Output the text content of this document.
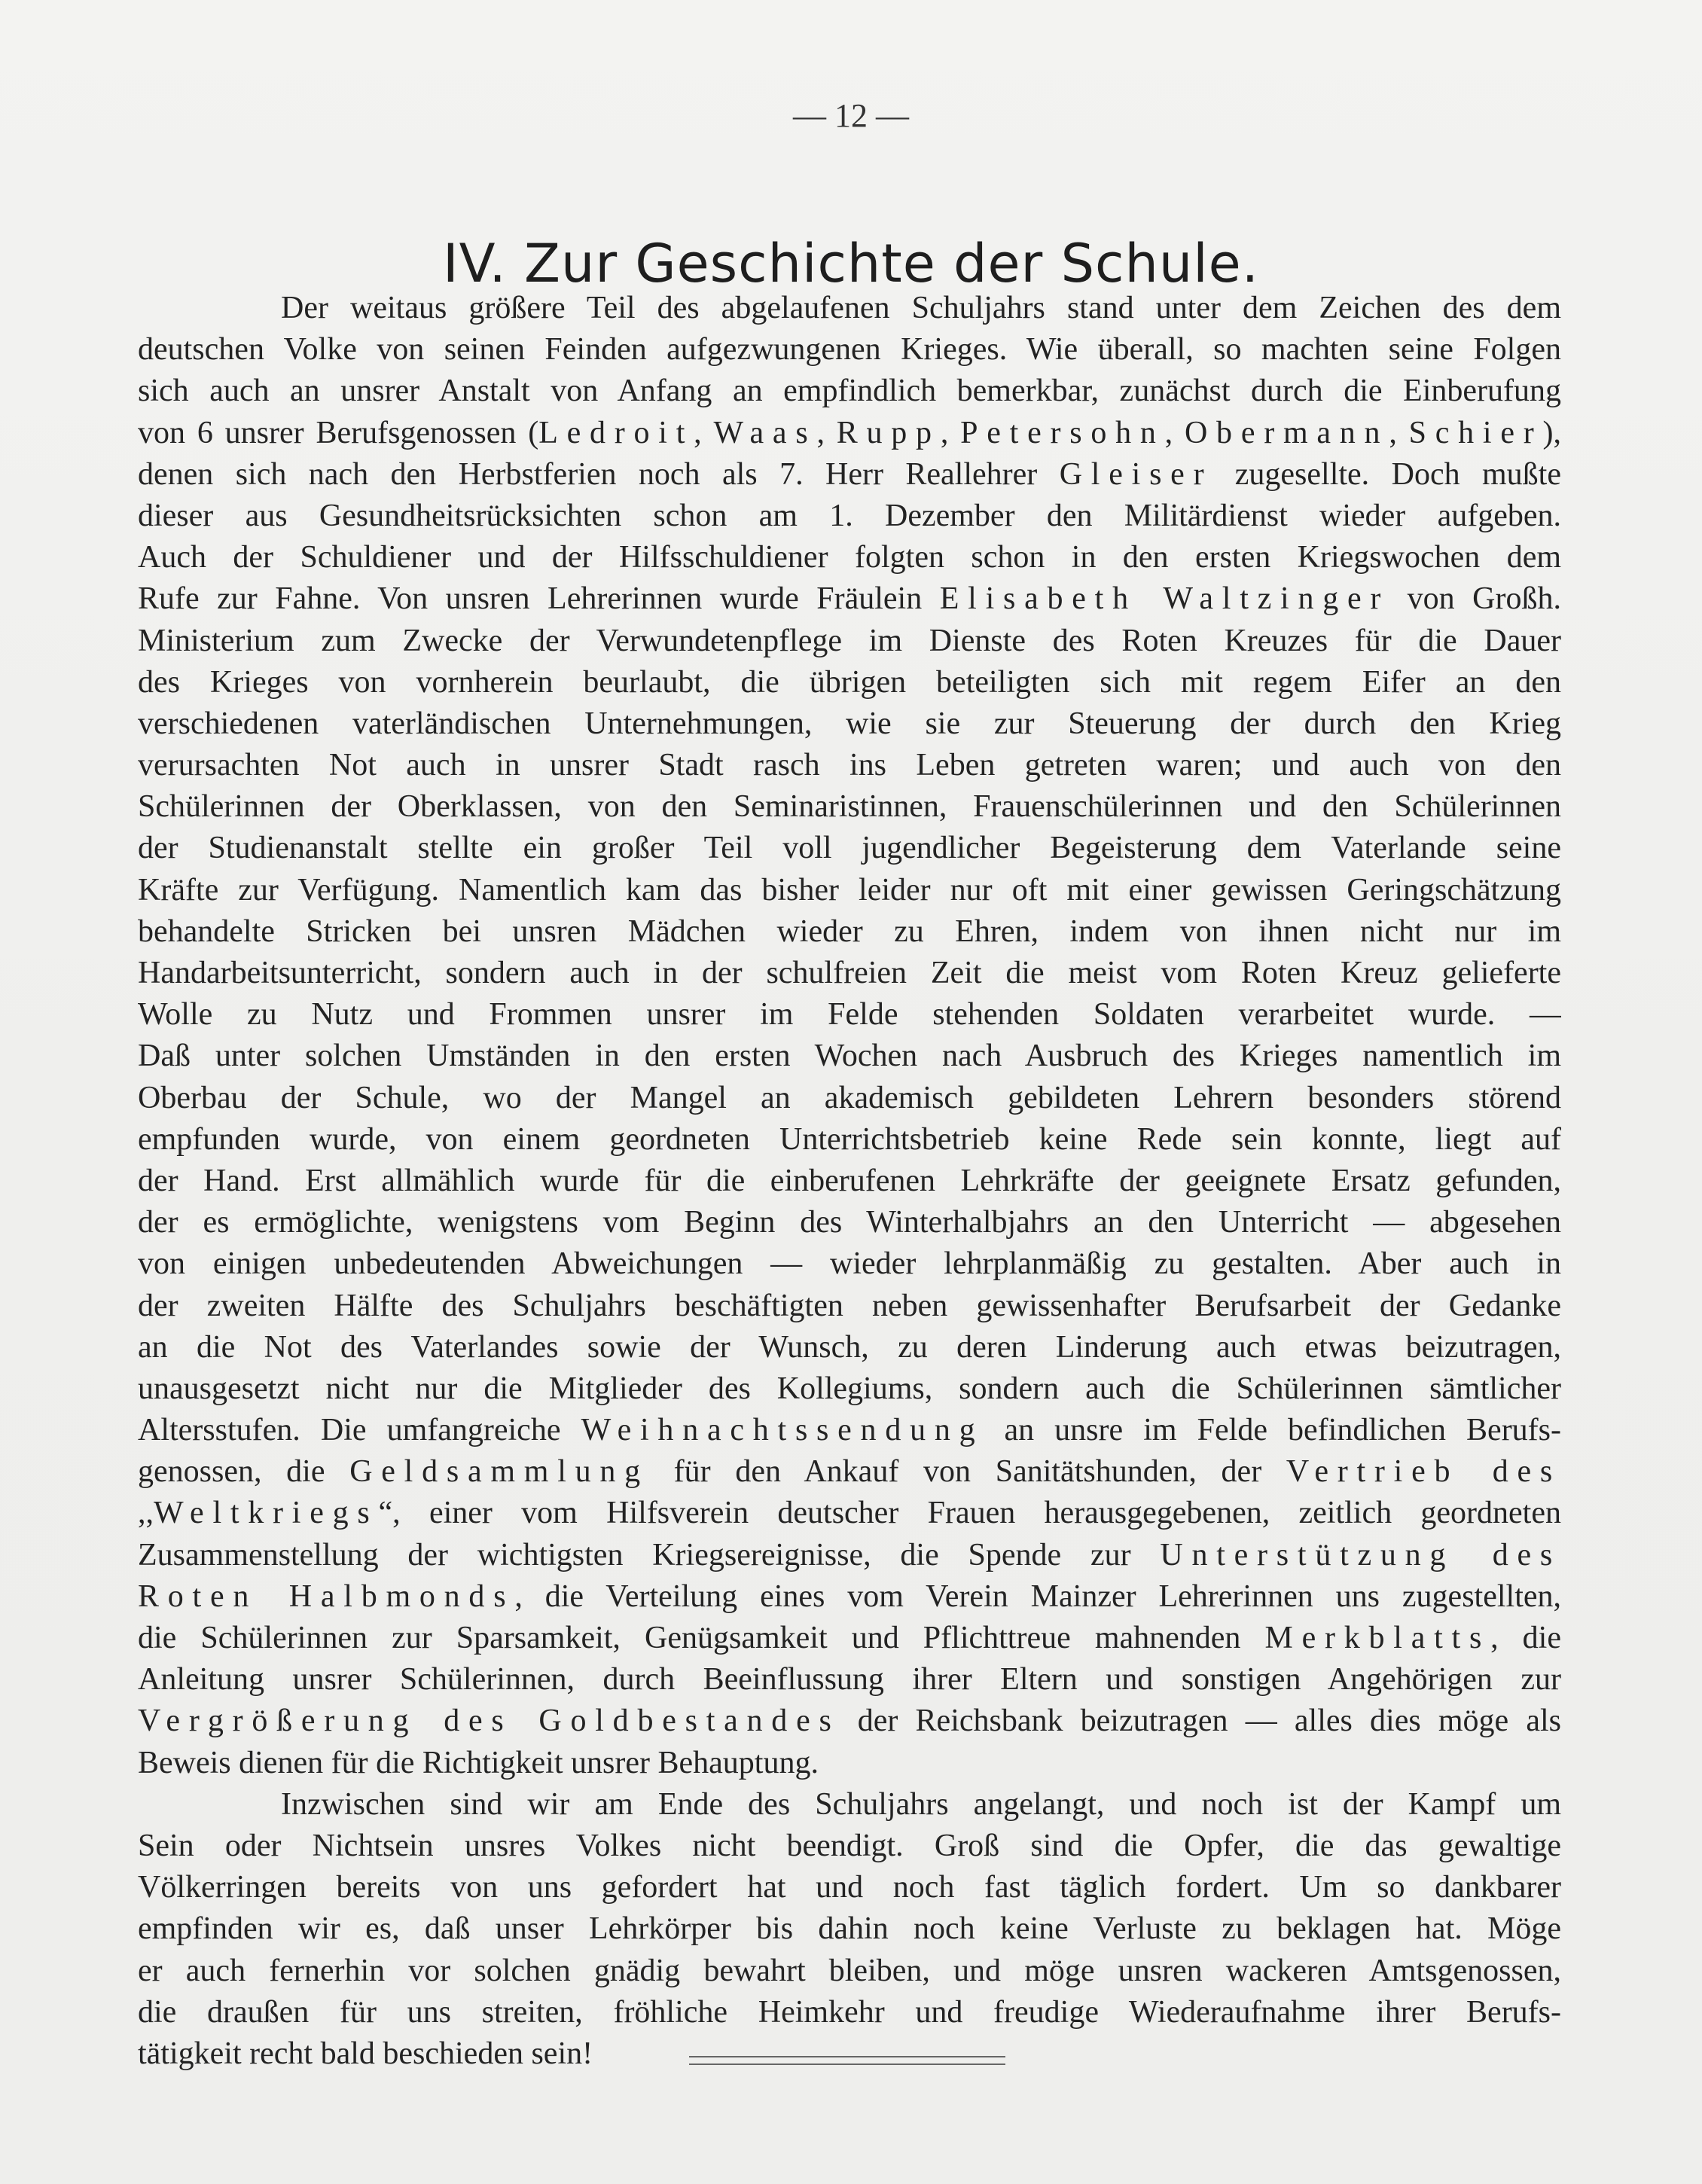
— 12 —
IV. Zur Geschichte der Schule.
Der weitaus größere Teil des abgelaufenen Schuljahrs stand unter dem Zeichen des dem
deutschen Volke von seinen Feinden aufgezwungenen Krieges. Wie überall, so machten seine Folgen
sich auch an unsrer Anstalt von Anfang an empfindlich bemerkbar, zunächst durch die Einberufung
von 6 unsrer Berufsgenossen (Ledroit, Waas, Rupp, Petersohn, Obermann, Schier),
denen sich nach den Herbstferien noch als 7. Herr Reallehrer Gleiser zugesellte. Doch mußte
dieser aus Gesundheitsrücksichten schon am 1. Dezember den Militärdienst wieder aufgeben.
Auch der Schuldiener und der Hilfsschuldiener folgten schon in den ersten Kriegswochen dem
Rufe zur Fahne. Von unsren Lehrerinnen wurde Fräulein Elisabeth Waltzinger von Großh.
Ministerium zum Zwecke der Verwundetenpflege im Dienste des Roten Kreuzes für die Dauer
des Krieges von vornherein beurlaubt, die übrigen beteiligten sich mit regem Eifer an den
verschiedenen vaterländischen Unternehmungen, wie sie zur Steuerung der durch den Krieg
verursachten Not auch in unsrer Stadt rasch ins Leben getreten waren; und auch von den
Schülerinnen der Oberklassen, von den Seminaristinnen, Frauenschülerinnen und den Schülerinnen
der Studienanstalt stellte ein großer Teil voll jugendlicher Begeisterung dem Vaterlande seine
Kräfte zur Verfügung. Namentlich kam das bisher leider nur oft mit einer gewissen Geringschätzung
behandelte Stricken bei unsren Mädchen wieder zu Ehren, indem von ihnen nicht nur im
Handarbeitsunterricht, sondern auch in der schulfreien Zeit die meist vom Roten Kreuz gelieferte
Wolle zu Nutz und Frommen unsrer im Felde stehenden Soldaten verarbeitet wurde. —
Daß unter solchen Umständen in den ersten Wochen nach Ausbruch des Krieges namentlich im
Oberbau der Schule, wo der Mangel an akademisch gebildeten Lehrern besonders störend
empfunden wurde, von einem geordneten Unterrichtsbetrieb keine Rede sein konnte, liegt auf
der Hand. Erst allmählich wurde für die einberufenen Lehrkräfte der geeignete Ersatz gefunden,
der es ermöglichte, wenigstens vom Beginn des Winterhalbjahrs an den Unterricht — abgesehen
von einigen unbedeutenden Abweichungen — wieder lehrplanmäßig zu gestalten. Aber auch in
der zweiten Hälfte des Schuljahrs beschäftigten neben gewissenhafter Berufsarbeit der Gedanke
an die Not des Vaterlandes sowie der Wunsch, zu deren Linderung auch etwas beizutragen,
unausgesetzt nicht nur die Mitglieder des Kollegiums, sondern auch die Schülerinnen sämtlicher
Altersstufen. Die umfangreiche Weihnachtssendung an unsre im Felde befindlichen Berufs-
genossen, die Geldsammlung für den Ankauf von Sanitätshunden, der Vertrieb des
,,Weltkriegs“, einer vom Hilfsverein deutscher Frauen herausgegebenen, zeitlich geordneten
Zusammenstellung der wichtigsten Kriegsereignisse, die Spende zur Unterstützung des
Roten Halbmonds, die Verteilung eines vom Verein Mainzer Lehrerinnen uns zugestellten,
die Schülerinnen zur Sparsamkeit, Genügsamkeit und Pflichttreue mahnenden Merkblatts, die
Anleitung unsrer Schülerinnen, durch Beeinflussung ihrer Eltern und sonstigen Angehörigen zur
Vergrößerung des Goldbestandes der Reichsbank beizutragen — alles dies möge als
Beweis dienen für die Richtigkeit unsrer Behauptung.
Inzwischen sind wir am Ende des Schuljahrs angelangt, und noch ist der Kampf um
Sein oder Nichtsein unsres Volkes nicht beendigt. Groß sind die Opfer, die das gewaltige
Völkerringen bereits von uns gefordert hat und noch fast täglich fordert. Um so dankbarer
empfinden wir es, daß unser Lehrkörper bis dahin noch keine Verluste zu beklagen hat. Möge
er auch fernerhin vor solchen gnädig bewahrt bleiben, und möge unsren wackeren Amtsgenossen,
die draußen für uns streiten, fröhliche Heimkehr und freudige Wiederaufnahme ihrer Berufs-
tätigkeit recht bald beschieden sein!
